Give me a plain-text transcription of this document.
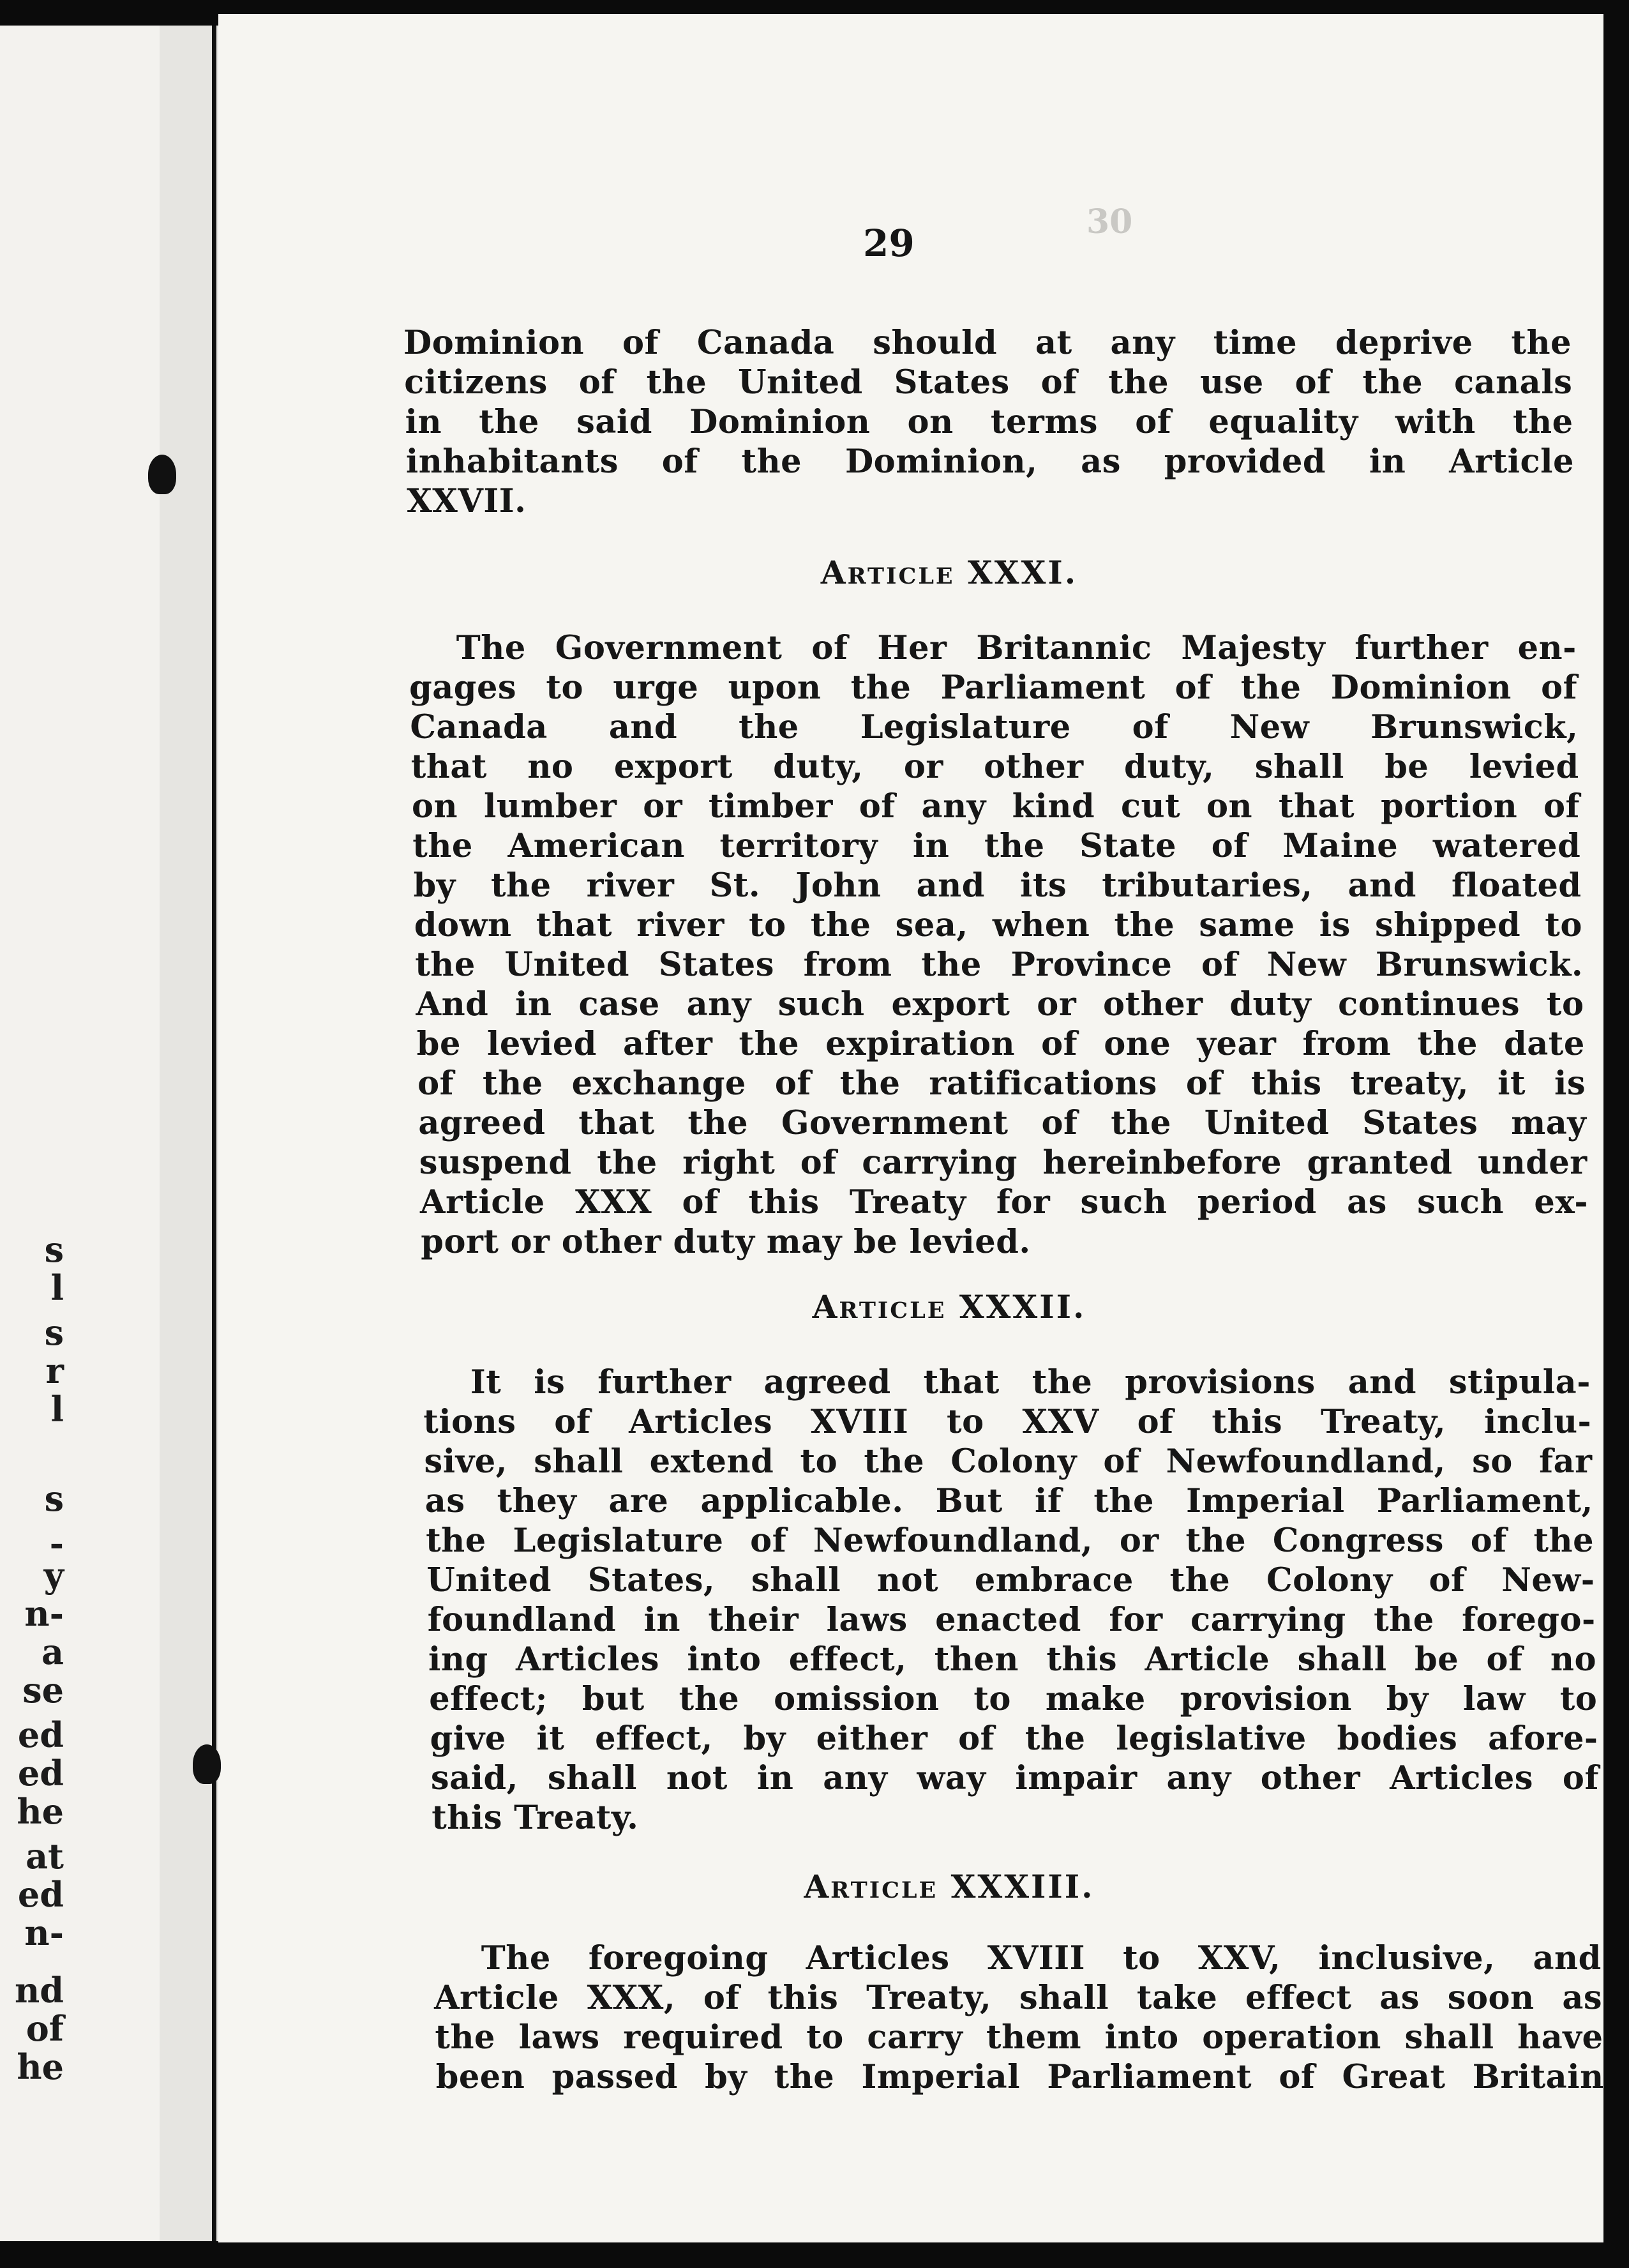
s
l
s
r
l
s
-
y
n-
a
se
ed
ed
he
at
ed
n-
nd
of
he
30
29
Dominion of Canada should at any time deprive the
citizens of the United States of the use of the canals
in the said Dominion on terms of equality with the
inhabitants of the Dominion, as provided in Article
XXVII.
Article XXXI.
The Government of Her Britannic Majesty further en-
gages to urge upon the Parliament of the Dominion of
Canada and the Legislature of New Brunswick,
that no export duty, or other duty, shall be levied
on lumber or timber of any kind cut on that portion of
the American territory in the State of Maine watered
by the river St. John and its tributaries, and floated
down that river to the sea, when the same is shipped to
the United States from the Province of New Brunswick.
And in case any such export or other duty continues to
be levied after the expiration of one year from the date
of the exchange of the ratifications of this treaty, it is
agreed that the Government of the United States may
suspend the right of carrying hereinbefore granted under
Article XXX of this Treaty for such period as such ex-
port or other duty may be levied.
Article XXXII.
It is further agreed that the provisions and stipula-
tions of Articles XVIII to XXV of this Treaty, inclu-
sive, shall extend to the Colony of Newfoundland, so far
as they are applicable. But if the Imperial Parliament,
the Legislature of Newfoundland, or the Congress of the
United States, shall not embrace the Colony of New-
foundland in their laws enacted for carrying the forego-
ing Articles into effect, then this Article shall be of no
effect; but the omission to make provision by law to
give it effect, by either of the legislative bodies afore-
said, shall not in any way impair any other Articles of
this Treaty.
Article XXXIII.
The foregoing Articles XVIII to XXV, inclusive, and
Article XXX, of this Treaty, shall take effect as soon as
the laws required to carry them into operation shall have
been passed by the Imperial Parliament of Great Britain
